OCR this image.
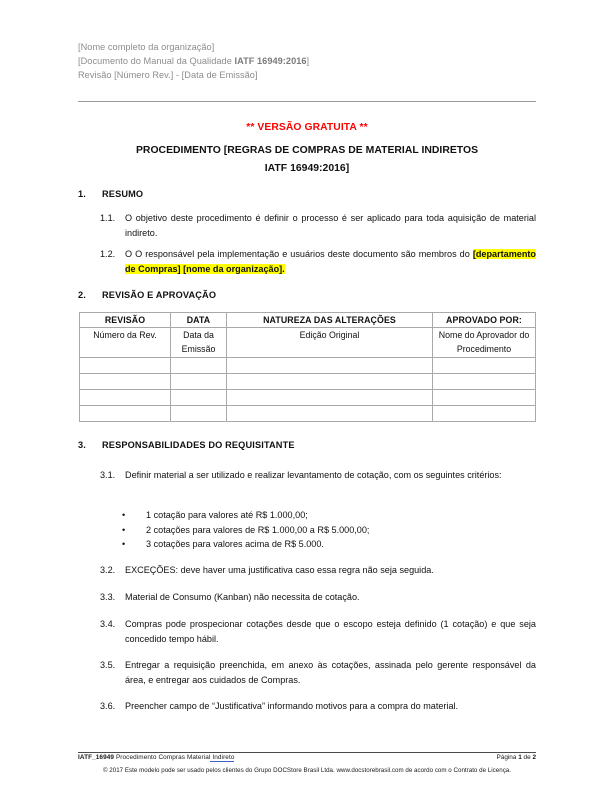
[Nome completo da organização]
[Documento do Manual da Qualidade IATF 16949:2016]
Revisão [Número Rev.] - [Data de Emissão]
** VERSÃO GRATUITA **
PROCEDIMENTO [REGRAS DE COMPRAS DE MATERIAL INDIRETOS
IATF 16949:2016]
1. RESUMO
1.1.	O objetivo deste procedimento é definir o processo é ser aplicado para toda aquisição de material indireto.
1.2.	O O responsável pela implementação e usuários deste documento são membros do [departamento de Compras] [nome da organização].
2. REVISÃO E APROVAÇÃO
REVISÃO	DATA	NATUREZA DAS ALTERAÇÕES	APROVADO POR:
Número da Rev.	Data da Emissão	Edição Original	Nome do Aprovador do Procedimento

3. RESPONSABILIDADES DO REQUISITANTE
3.1.	Definir material a ser utilizado e realizar levantamento de cotação, com os seguintes critérios:
• 1 cotação para valores até R$ 1.000,00;
• 2 cotações para valores de R$ 1.000,00 a R$ 5.000,00;
• 3 cotações para valores acima de R$ 5.000.
3.2.	EXCEÇÕES: deve haver uma justificativa caso essa regra não seja seguida.
3.3.	Material de Consumo (Kanban) não necessita de cotação.
3.4.	Compras pode prospecionar cotações desde que o escopo esteja definido (1 cotação) e que seja concedido tempo hábil.
3.5.	Entregar a requisição preenchida, em anexo às cotações, assinada pelo gerente responsável da área, e entregar aos cuidados de Compras.
3.6.	Preencher campo de “Justificativa” informando motivos para a compra do material.
IATF_16949 Procedimento Compras Material Indireto	Página 1 de 2
© 2017 Este modelo pode ser usado pelos clientes do Grupo DOCStore Brasil Ltda. www.docstorebrasil.com de acordo com o Contrato de Licença.
